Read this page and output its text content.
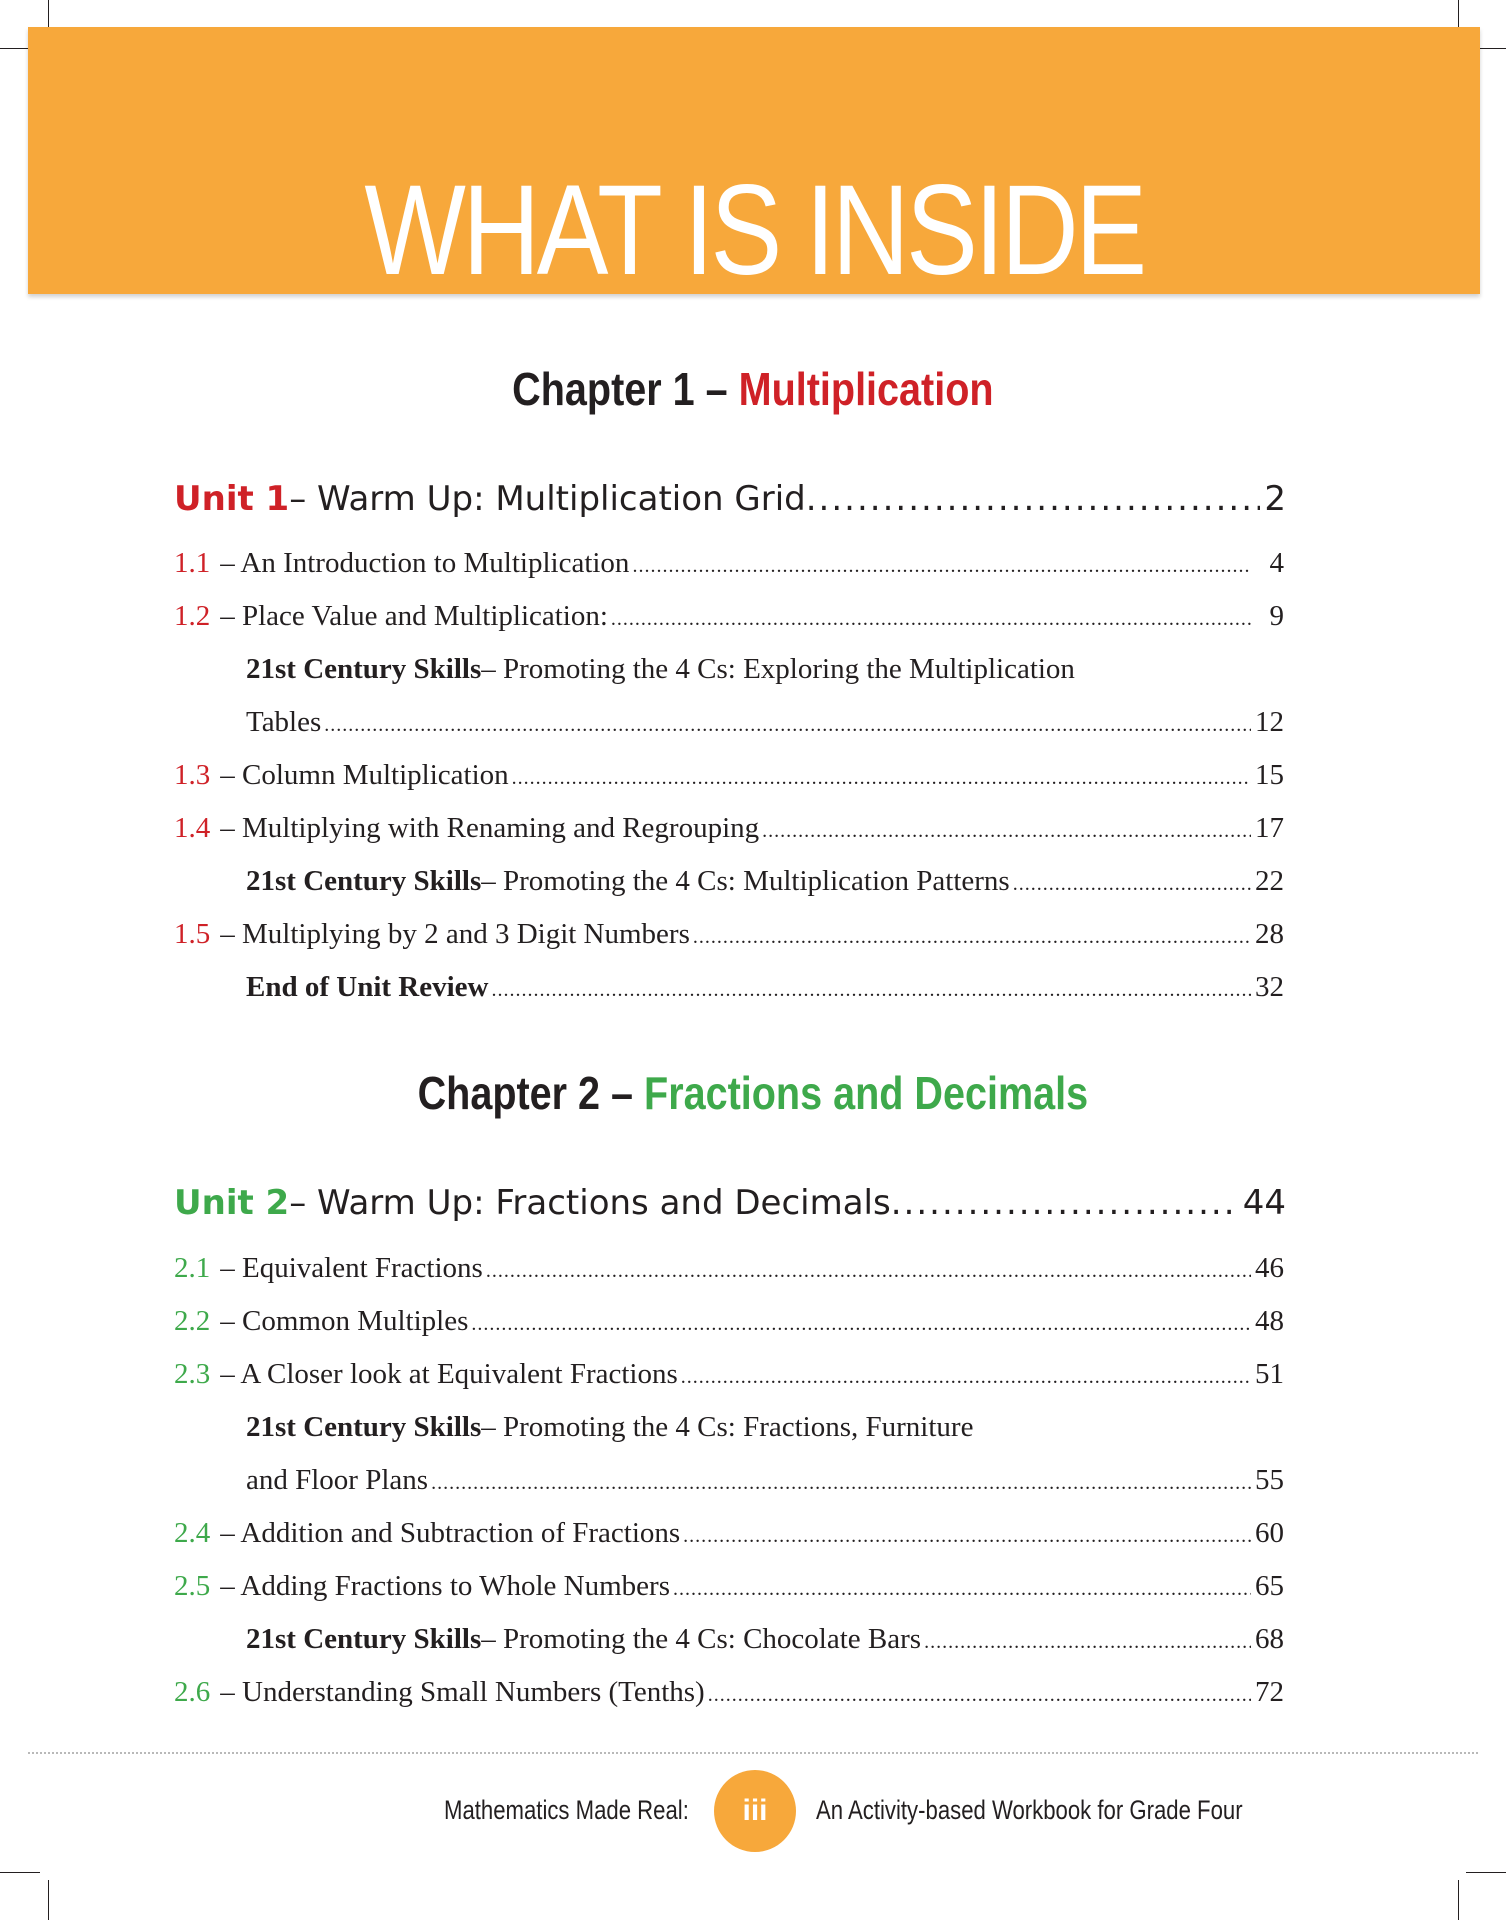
WHAT IS INSIDE
Chapter 1 – Multiplication
Unit 1 – Warm Up: Multiplication Grid .....	2
1.1 – An Introduction to Multiplication .....	4
1.2 – Place Value and Multiplication: .....	9
21st Century Skills – Promoting the 4 Cs: Exploring the Multiplication
Tables .....	12
1.3 – Column Multiplication .....	15
1.4 – Multiplying with Renaming and Regrouping .....	17
21st Century Skills – Promoting the 4 Cs: Multiplication Patterns .....	22
1.5 – Multiplying by 2 and 3 Digit Numbers .....	28
End of Unit Review .....	32
Chapter 2 – Fractions and Decimals
Unit 2 – Warm Up: Fractions and Decimals .....	44
2.1 – Equivalent Fractions .....	46
2.2 – Common Multiples .....	48
2.3 – A Closer look at Equivalent Fractions .....	51
21st Century Skills – Promoting the 4 Cs: Fractions, Furniture
and Floor Plans .....	55
2.4 – Addition and Subtraction of Fractions .....	60
2.5 – Adding Fractions to Whole Numbers .....	65
21st Century Skills – Promoting the 4 Cs: Chocolate Bars .....	68
2.6 – Understanding Small Numbers (Tenths) .....	72
Mathematics Made Real: iii An Activity-based Workbook for Grade Four
